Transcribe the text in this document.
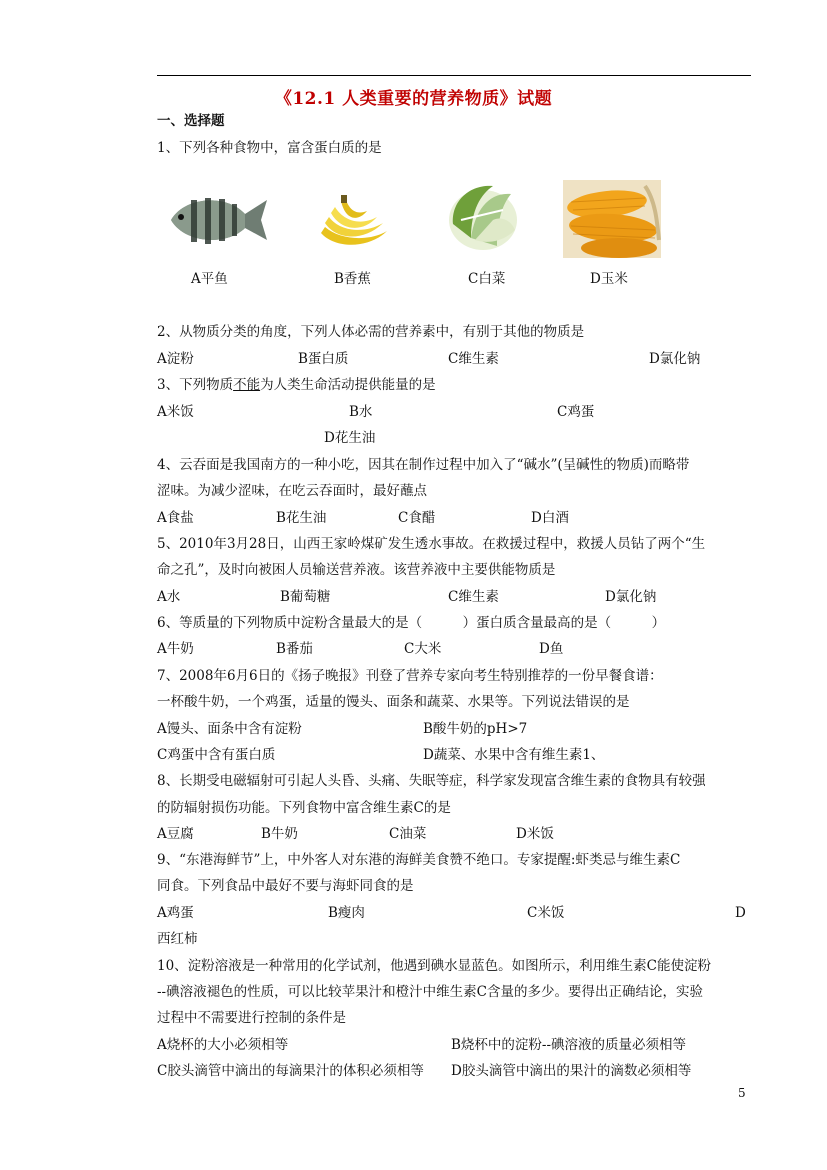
《12.1 人类重要的营养物质》试题
一、选择题
1、下列各种食物中，富含蛋白质的是
A平鱼	B香蕉	C白菜	D玉米
2、从物质分类的角度，下列人体必需的营养素中，有别于其他的物质是
A淀粉	B蛋白质	C维生素	D氯化钠
3、下列物质不能为人类生命活动提供能量的是
A米饭	B水	C鸡蛋
D花生油
4、云吞面是我国南方的一种小吃，因其在制作过程中加入了“碱水”(呈碱性的物质)而略带
涩味。为减少涩味，在吃云吞面时，最好蘸点
A食盐	B花生油	C食醋	D白酒
5、2010年3月28日，山西王家岭煤矿发生透水事故。在救援过程中，救援人员钻了两个“生
命之孔”，及时向被困人员输送营养液。该营养液中主要供能物质是
A水	B葡萄糖	C维生素	D氯化钠
6、等质量的下列物质中淀粉含量最大的是（　　　）蛋白质含量最高的是（　　　）
A牛奶	B番茄	C大米	D鱼
7、2008年6月6日的《扬子晚报》刊登了营养专家向考生特别推荐的一份早餐食谱：
一杯酸牛奶，一个鸡蛋，适量的馒头、面条和蔬菜、水果等。下列说法错误的是
A馒头、面条中含有淀粉	B酸牛奶的pH>7
C鸡蛋中含有蛋白质	D蔬菜、水果中含有维生素1、
8、长期受电磁辐射可引起人头昏、头痛、失眠等症，科学家发现富含维生素的食物具有较强
的防辐射损伤功能。下列食物中富含维生素C的是
A豆腐	B牛奶	C油菜	D米饭
9、“东港海鲜节”上，中外客人对东港的海鲜美食赞不绝口。专家提醒:虾类忌与维生素C
同食。下列食品中最好不要与海虾同食的是
A鸡蛋	B瘦肉	C米饭	D
西红柿
10、淀粉溶液是一种常用的化学试剂，他遇到碘水显蓝色。如图所示，利用维生素C能使淀粉
--碘溶液褪色的性质，可以比较苹果汁和橙汁中维生素C含量的多少。要得出正确结论，实验
过程中不需要进行控制的条件是
A烧杯的大小必须相等	B烧杯中的淀粉--碘溶液的质量必须相等
C胶头滴管中滴出的每滴果汁的体积必须相等 D胶头滴管中滴出的果汁的滴数必须相等
5
